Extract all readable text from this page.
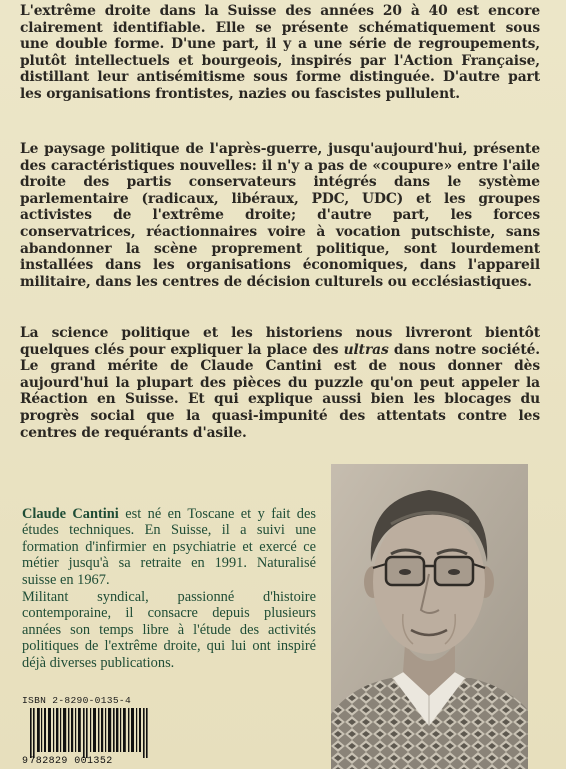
L'extrême droite dans la Suisse des années 20 à 40 est encore clairement identifiable. Elle se présente schématiquement sous une double forme. D'une part, il y a une série de regroupements, plutôt intellectuels et bourgeois, inspirés par l'Action Française, distillant leur antisémitisme sous forme distinguée. D'autre part les organisations frontistes, nazies ou fascistes pullulent.

Le paysage politique de l'après-guerre, jusqu'aujourd'hui, présente des caractéristiques nouvelles: il n'y a pas de «coupure» entre l'aile droite des partis conservateurs intégrés dans le système parlementaire (radicaux, libéraux, PDC, UDC) et les groupes activistes de l'extrême droite; d'autre part, les forces conservatrices, réactionnaires voire à vocation putschiste, sans abandonner la scène proprement politique, sont lourdement installées dans les organisations économiques, dans l'appareil militaire, dans les centres de décision culturels ou ecclésiastiques.

La science politique et les historiens nous livreront bientôt quelques clés pour expliquer la place des ultras dans notre société. Le grand mérite de Claude Cantini est de nous donner dès aujourd'hui la plupart des pièces du puzzle qu'on peut appeler la Réaction en Suisse. Et qui explique aussi bien les blocages du progrès social que la quasi-impunité des attentats contre les centres de requérants d'asile.

Claude Cantini est né en Toscane et y fait des études techniques. En Suisse, il a suivi une formation d'infirmier en psychiatrie et exercé ce métier jusqu'à sa retraite en 1991. Naturalisé suisse en 1967.

Militant syndical, passionné d'histoire contemporaine, il consacre depuis plusieurs années son temps libre à l'étude des activités politiques de l'extrême droite, qui lui ont inspiré déjà diverses publications.

ISBN 2-8290-0135-4
9782829 001352
